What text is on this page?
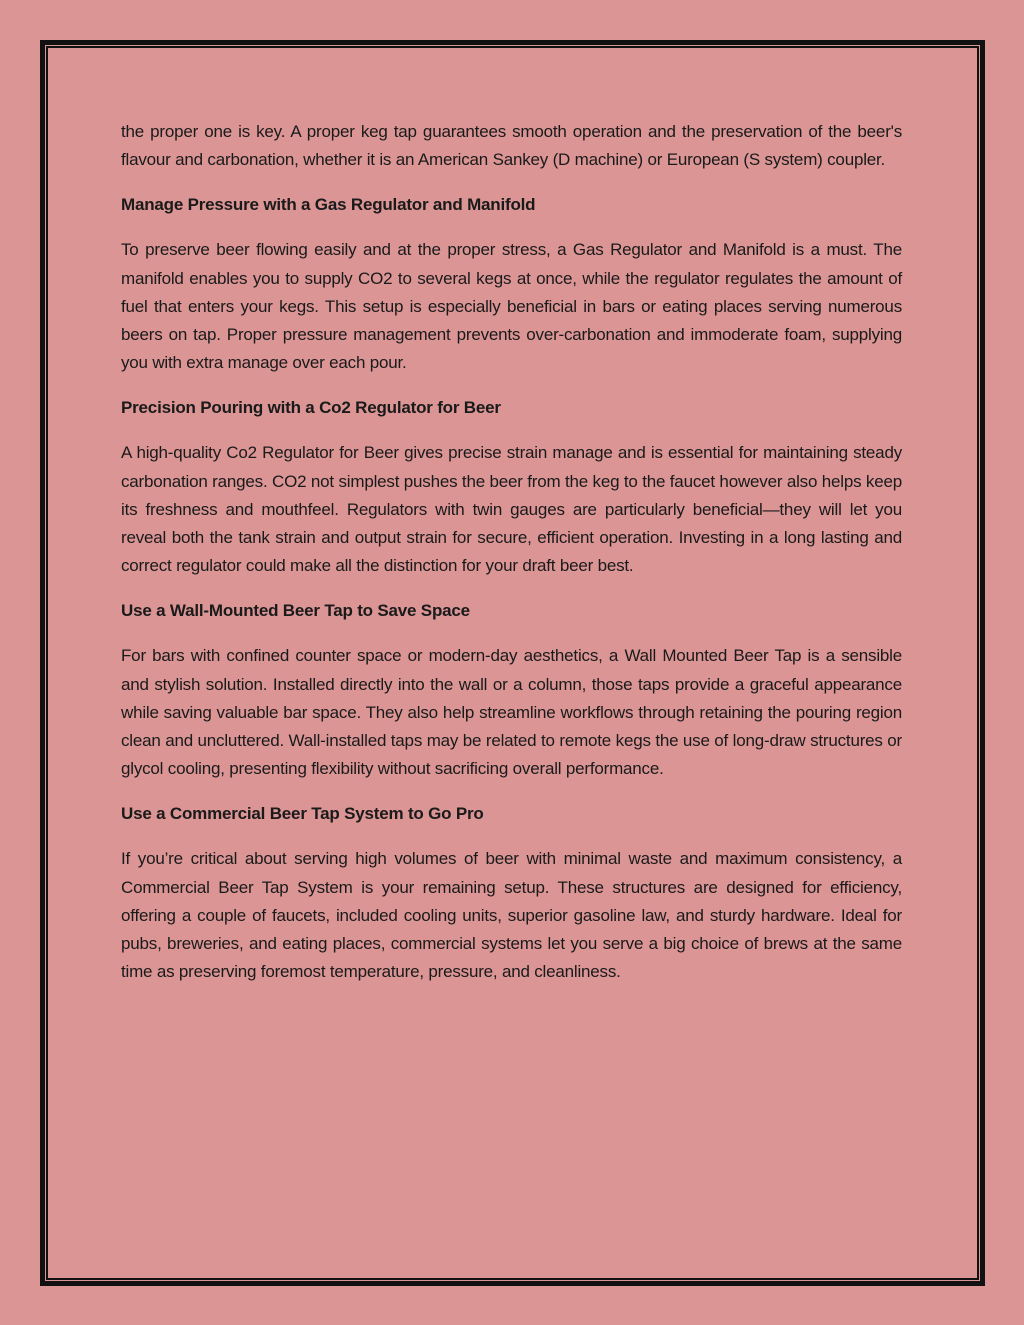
the proper one is key. A proper keg tap guarantees smooth operation and the preservation of the beer's flavour and carbonation, whether it is an American Sankey (D machine) or European (S system) coupler.

Manage Pressure with a Gas Regulator and Manifold

To preserve beer flowing easily and at the proper stress, a Gas Regulator and Manifold is a must. The manifold enables you to supply CO2 to several kegs at once, while the regulator regulates the amount of fuel that enters your kegs. This setup is especially beneficial in bars or eating places serving numerous beers on tap. Proper pressure management prevents over-carbonation and immoderate foam, supplying you with extra manage over each pour.

Precision Pouring with a Co2 Regulator for Beer

A high-quality Co2 Regulator for Beer gives precise strain manage and is essential for maintaining steady carbonation ranges. CO2 not simplest pushes the beer from the keg to the faucet however also helps keep its freshness and mouthfeel. Regulators with twin gauges are particularly beneficial—they will let you reveal both the tank strain and output strain for secure, efficient operation. Investing in a long lasting and correct regulator could make all the distinction for your draft beer best.

Use a Wall-Mounted Beer Tap to Save Space

For bars with confined counter space or modern-day aesthetics, a Wall Mounted Beer Tap is a sensible and stylish solution. Installed directly into the wall or a column, those taps provide a graceful appearance while saving valuable bar space. They also help streamline workflows through retaining the pouring region clean and uncluttered. Wall-installed taps may be related to remote kegs the use of long-draw structures or glycol cooling, presenting flexibility without sacrificing overall performance.

Use a Commercial Beer Tap System to Go Pro

If you’re critical about serving high volumes of beer with minimal waste and maximum consistency, a Commercial Beer Tap System is your remaining setup. These structures are designed for efficiency, offering a couple of faucets, included cooling units, superior gasoline law, and sturdy hardware. Ideal for pubs, breweries, and eating places, commercial systems let you serve a big choice of brews at the same time as preserving foremost temperature, pressure, and cleanliness.
